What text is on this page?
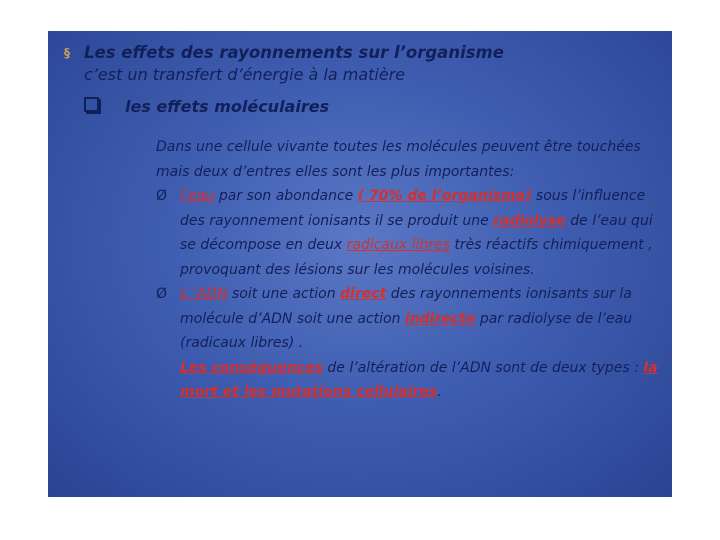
§ Les effets des rayonnements sur l’organisme
c’est un transfert d’énergie à la matière
les effets moléculaires

Dans une cellule vivante toutes les molécules peuvent être touchées mais deux d’entres elles sont les plus importantes:

Ø l’eau par son abondance ( 70% de l’organisme) sous l’influence des rayonnement ionisants il se produit une radiolyse de l’eau qui se décompose en deux radicaux libres très réactifs chimiquement , provoquant des lésions sur les molécules voisines.

Ø L ’ADN soit une action direct des rayonnements ionisants sur la molécule d’ADN soit une action indirecte par radiolyse de l’eau (radicaux libres) .
Les conséquences de l’altération de l’ADN sont de deux types : la mort et les mutations cellulaires.
